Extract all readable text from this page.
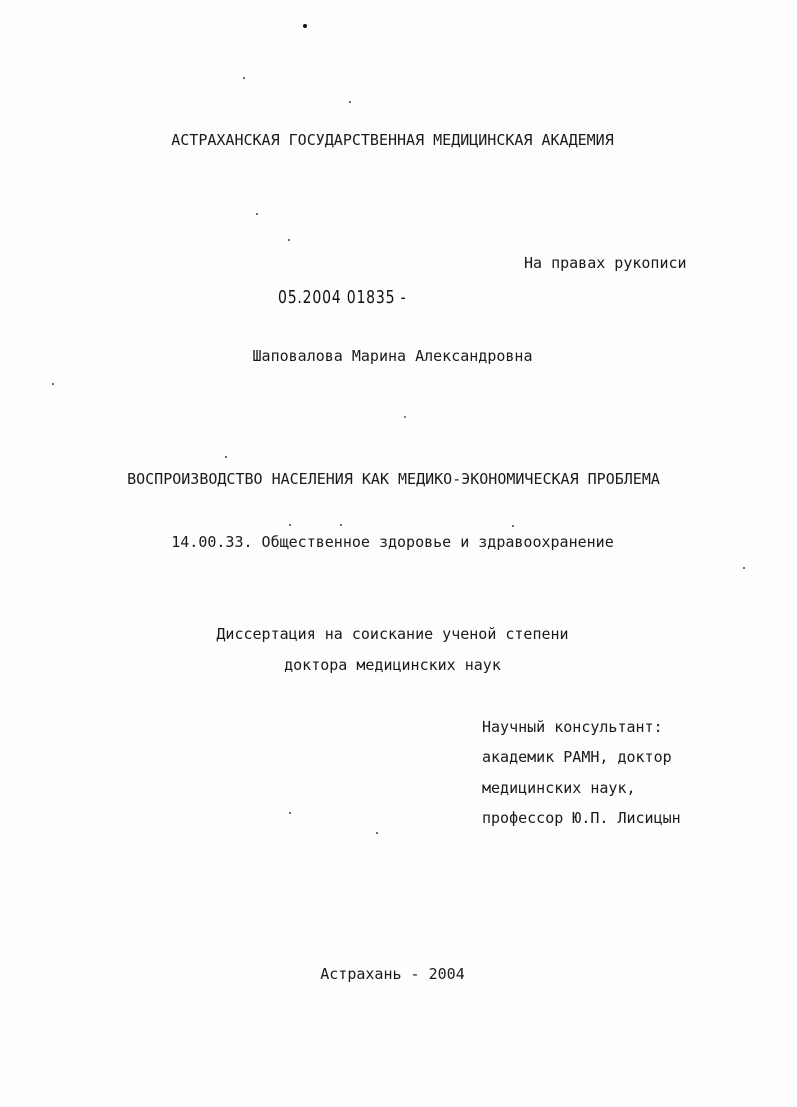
АСТРАХАНСКАЯ ГОСУДАРСТВЕННАЯ МЕДИЦИНСКАЯ АКАДЕМИЯ
На правах рукописи
05.2004 01835 -
Шаповалова Марина Александровна
ВОСПРОИЗВОДСТВО НАСЕЛЕНИЯ КАК МЕДИКО-ЭКОНОМИЧЕСКАЯ ПРОБЛЕМА
14.00.33. Общественное здоровье и здравоохранение
Диссертация на соискание ученой степени
доктора медицинских наук
Научный консультант:
академик РАМН, доктор
медицинских наук,
профессор Ю.П. Лисицын
Астрахань - 2004
